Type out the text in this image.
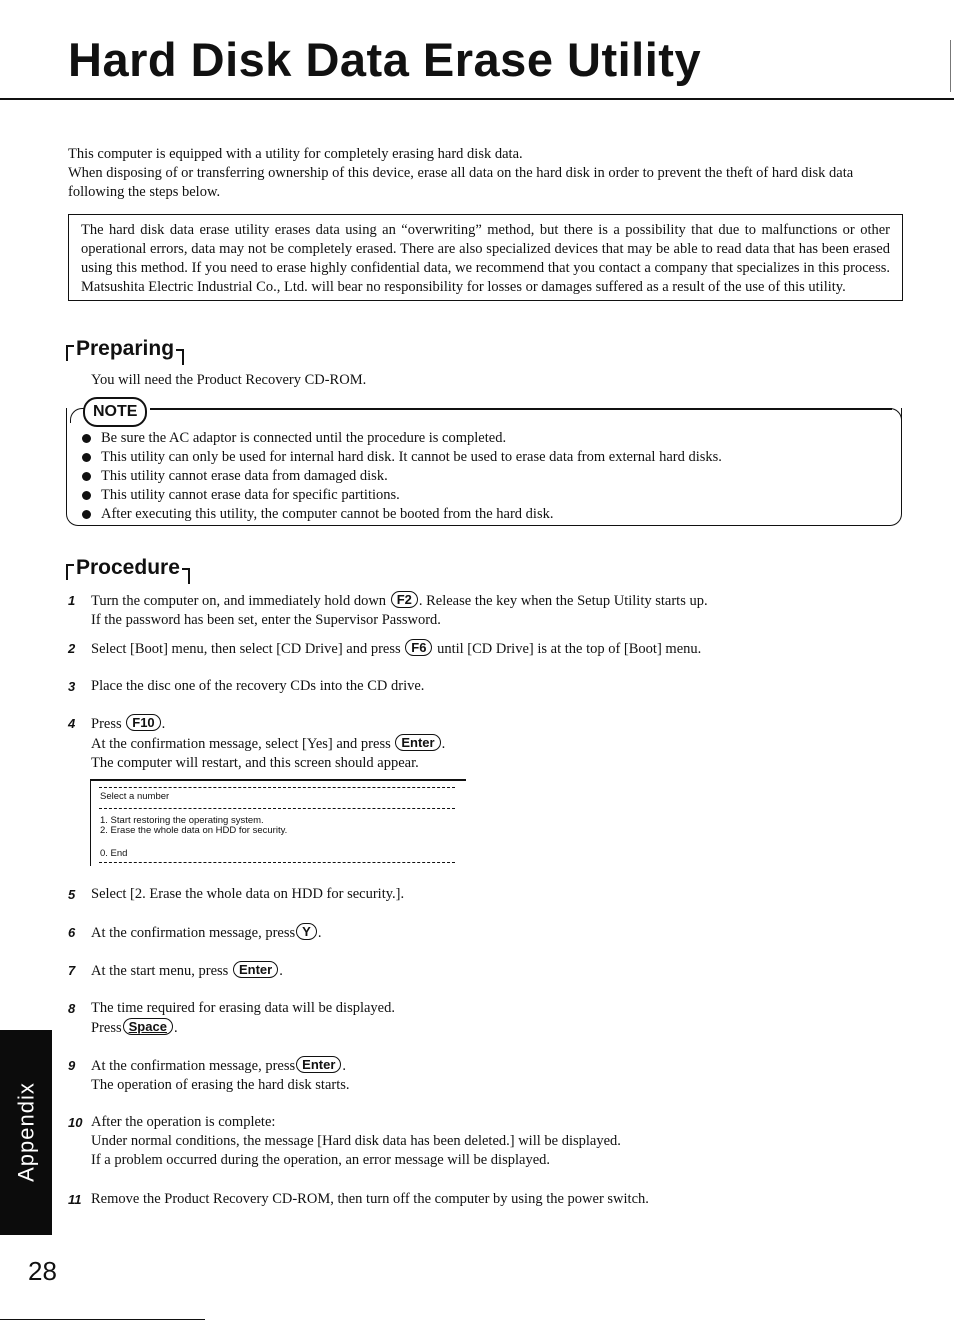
Hard Disk Data Erase Utility

This computer is equipped with a utility for completely erasing hard disk data.

When disposing of or transferring ownership of this device, erase all data on the hard disk in order to prevent the theft of hard disk data following the steps below.

The hard disk data erase utility erases data using an “overwriting” method, but there is a possibility that due to malfunctions or other operational errors, data may not be completely erased. There are also specialized devices that may be able to read data that has been erased using this method. If you need to erase highly confidential data, we recommend that you contact a company that specializes in this process. Matsushita Electric Industrial Co., Ltd. will bear no responsibility for losses or damages suffered as a result of the use of this utility.
Preparing
You will need the Product Recovery CD-ROM.
NOTE
Be sure the AC adaptor is connected until the procedure is completed.
This utility can only be used for internal hard disk. It cannot be used to erase data from external hard disks.
This utility cannot erase data from damaged disk.
This utility cannot erase data for specific partitions.
After executing this utility, the computer cannot be booted from the hard disk.
Procedure
1	Turn the computer on, and immediately hold down F2 . Release the key when the Setup Utility starts up.
If the password has been set, enter the Supervisor Password.
2	Select [Boot] menu, then select [CD Drive] and press F6 until [CD Drive] is at the top of [Boot] menu.
3	Place the disc one of the recovery CDs into the CD drive.
4	Press F10 .
At the confirmation message, select [Yes] and press Enter .
The computer will restart, and this screen should appear.
Select a number
1. Start restoring the operating system.
2. Erase the whole data on HDD for security.
0. End
5	Select [2. Erase the whole data on HDD for security.].
6	At the confirmation message, press Y .
7	At the start menu, press Enter .
8	The time required for erasing data will be displayed.
Press Space .
9	At the confirmation message, press Enter .
The operation of erasing the hard disk starts.
10 After the operation is complete:
Under normal conditions, the message [Hard disk data has been deleted.] will be displayed.
If a problem occurred during the operation, an error message will be displayed.
11 Remove the Product Recovery CD-ROM, then turn off the computer by using the power switch.
Appendix
28
